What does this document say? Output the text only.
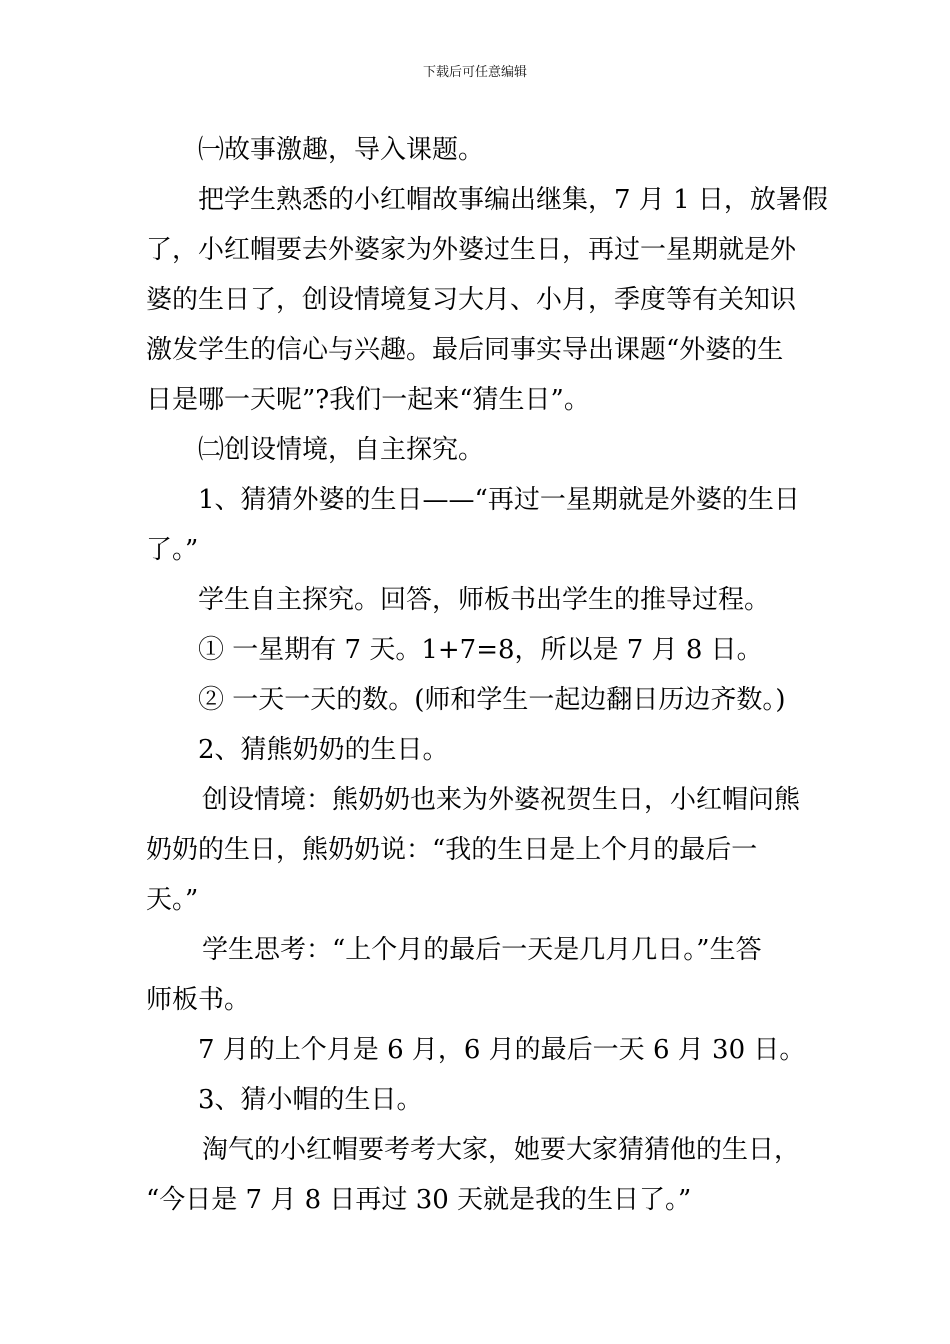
下载后可任意编辑

㈠故事激趣，导入课题。

把学生熟悉的小红帽故事编出继集，7 月 1 日，放暑假

了，小红帽要去外婆家为外婆过生日，再过一星期就是外

婆的生日了，创设情境复习大月、小月，季度等有关知识

激发学生的信心与兴趣。最后同事实导出课题“外婆的生

日是哪一天呢”?我们一起来“猜生日”。

㈡创设情境，自主探究。

1、猜猜外婆的生日——“再过一星期就是外婆的生日

了。”

学生自主探究。回答，师板书出学生的推导过程。

① 一星期有 7 天。1+7=8，所以是 7 月 8 日。

② 一天一天的数。(师和学生一起边翻日历边齐数。)

2、猜熊奶奶的生日。

创设情境：熊奶奶也来为外婆祝贺生日，小红帽问熊

奶奶的生日，熊奶奶说：“我的生日是上个月的最后一

天。”

学生思考：“上个月的最后一天是几月几日。”生答

师板书。

7 月的上个月是 6 月，6 月的最后一天 6 月 30 日。

3、猜小帽的生日。

淘气的小红帽要考考大家，她要大家猜猜他的生日，

“今日是 7 月 8 日再过 30 天就是我的生日了。”
